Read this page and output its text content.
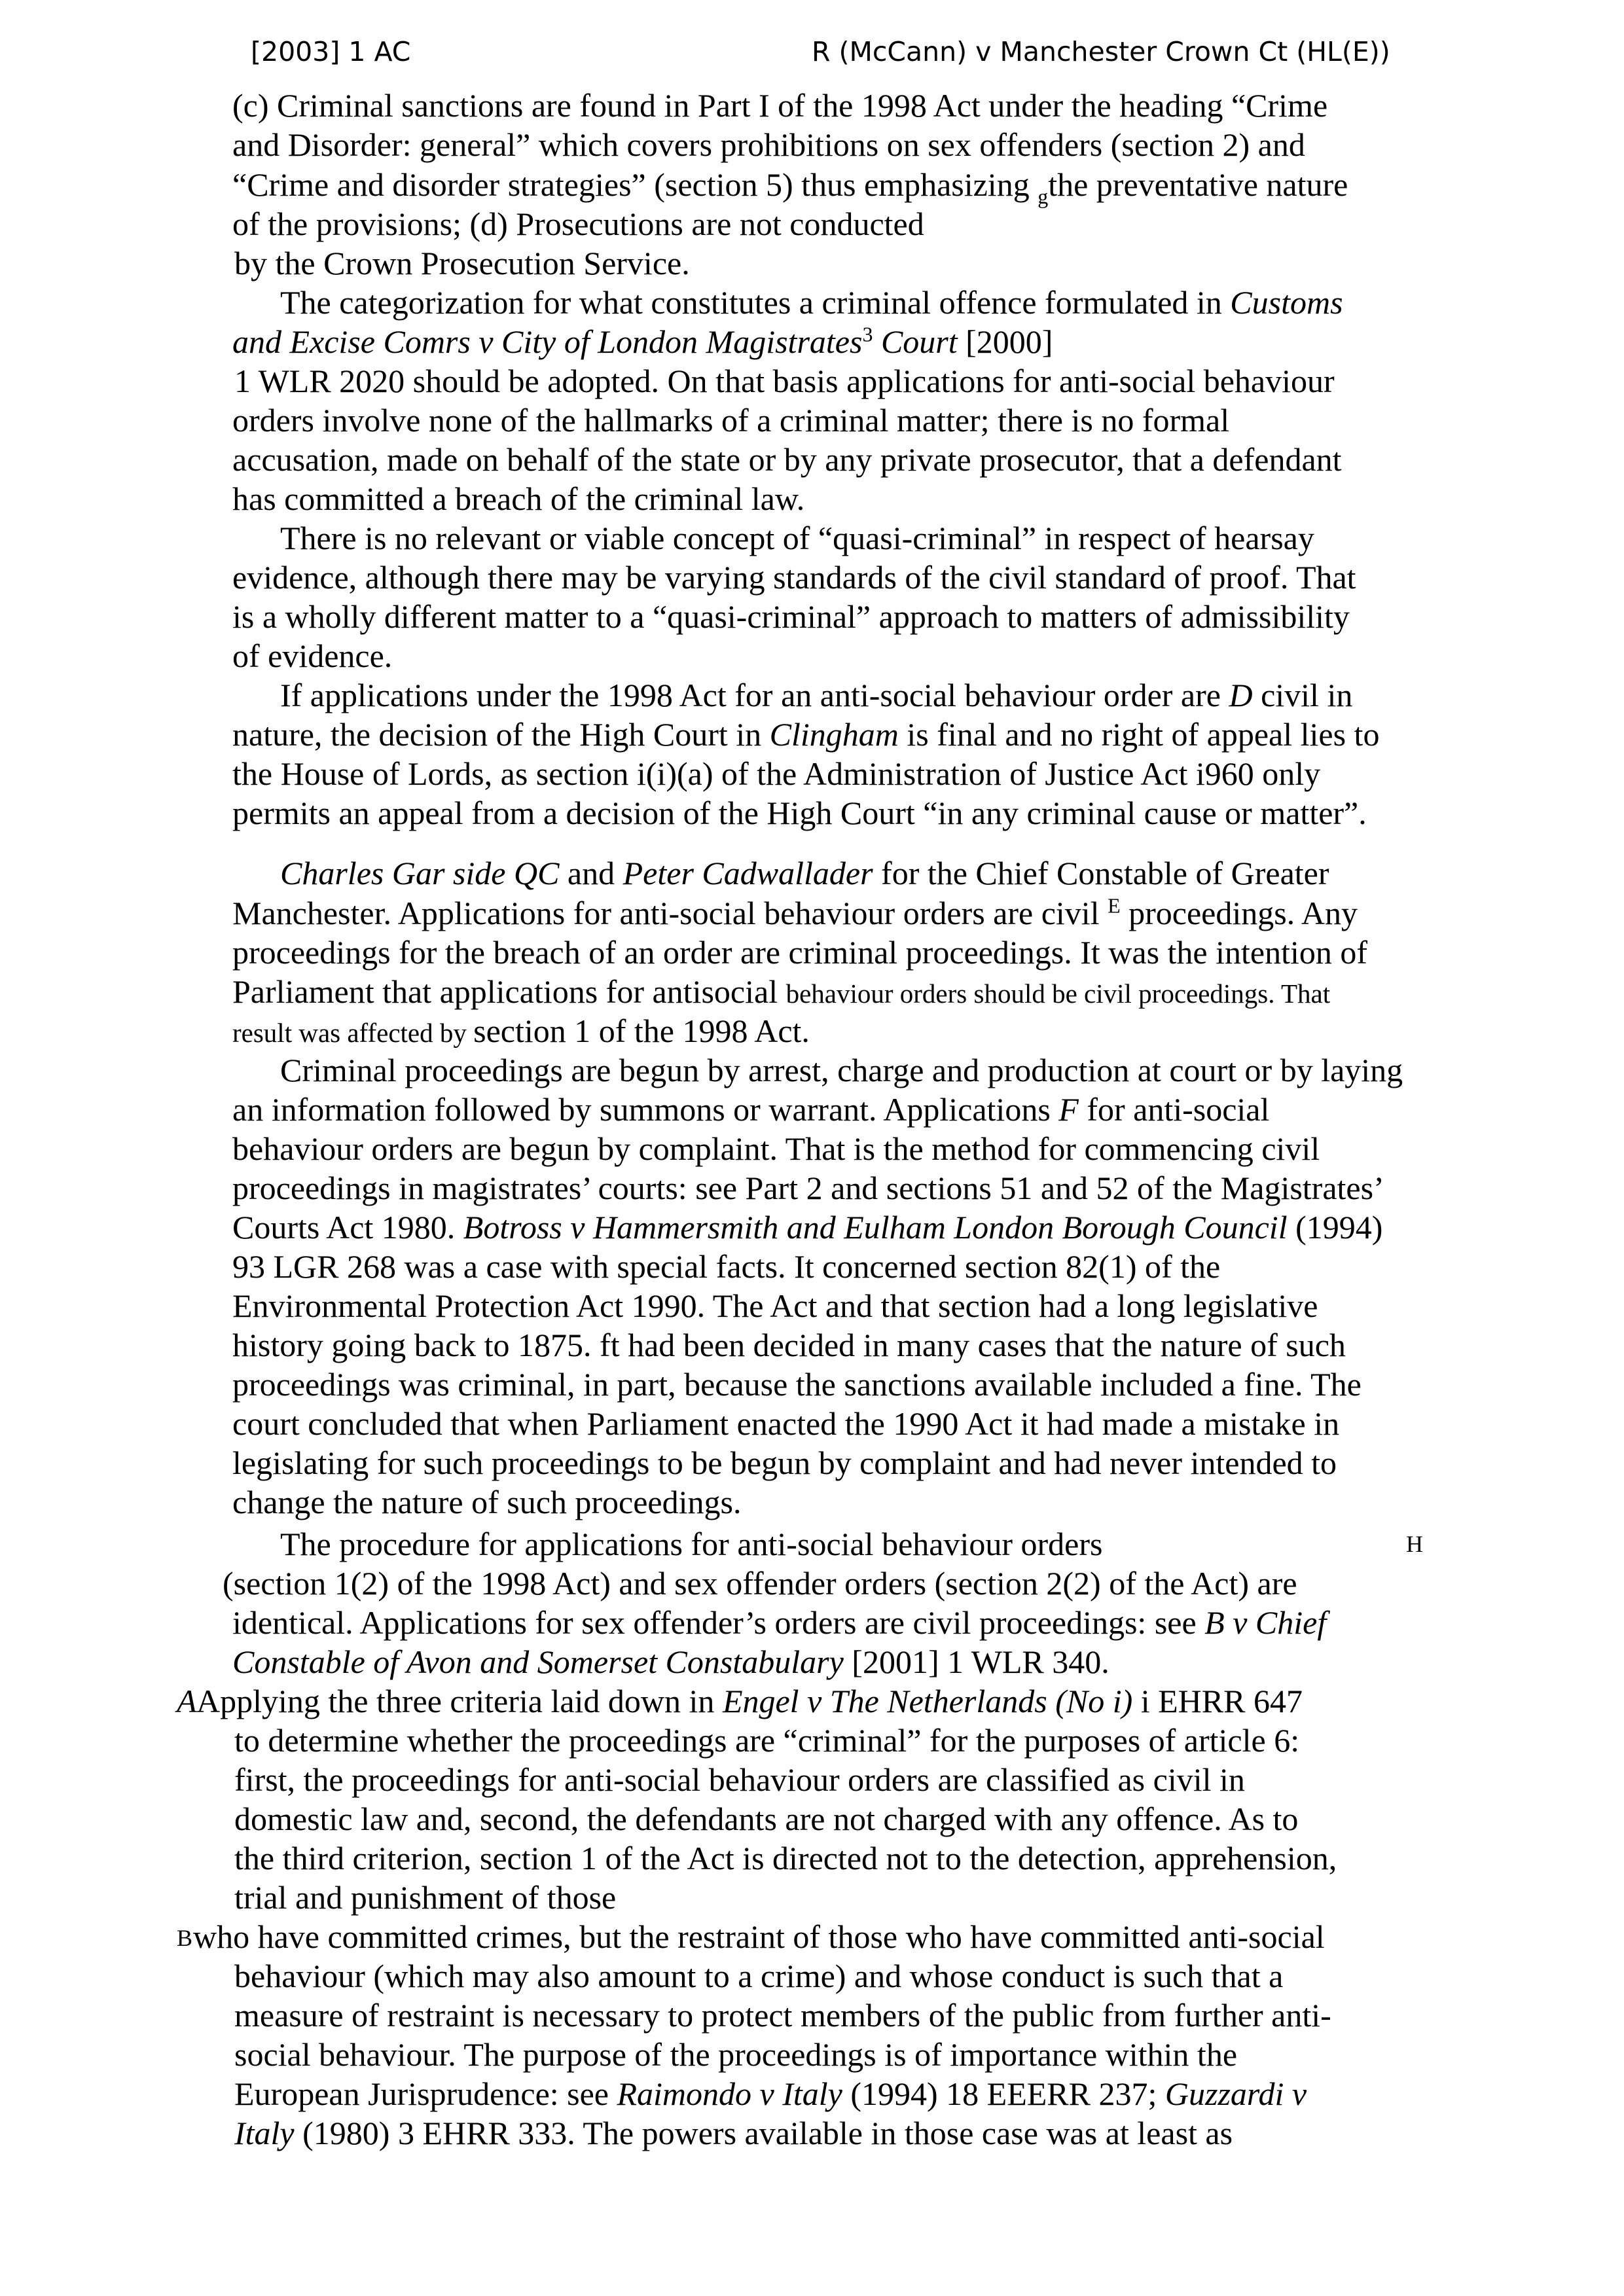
[2003] 1 AC	R (McCann) v Manchester Crown Ct (HL(E))
(c) Criminal sanctions are found in Part I of the 1998 Act under the heading “Crime
and Disorder: general” which covers prohibitions on sex offenders (section 2) and
“Crime and disorder strategies” (section 5) thus emphasizing $_g$the preventative nature
of the provisions; (d) Prosecutions are not conducted
by the Crown Prosecution Service.
The categorization for what constitutes a criminal offence formulated in Customs
and Excise Comrs v City of London Magistrates$^3$ Court [2000]
1 WLR 2020 should be adopted. On that basis applications for anti-social behaviour
orders involve none of the hallmarks of a criminal matter; there is no formal
accusation, made on behalf of the state or by any private prosecutor, that a defendant
has committed a breach of the criminal law.
There is no relevant or viable concept of “quasi-criminal” in respect of hearsay
evidence, although there may be varying standards of the civil standard of proof. That
is a wholly different matter to a “quasi-criminal” approach to matters of admissibility
of evidence.
If applications under the 1998 Act for an anti-social behaviour order are D civil in
nature, the decision of the High Court in Clingham is final and no right of appeal lies to
the House of Lords, as section i(i)(a) of the Administration of Justice Act i960 only
permits an appeal from a decision of the High Court “in any criminal cause or matter”.
Charles Gar side QC and Peter Cadwallader for the Chief Constable of Greater
Manchester. Applications for anti-social behaviour orders are civil $^E$ proceedings. Any
proceedings for the breach of an order are criminal proceedings. It was the intention of
Parliament that applications for antisocial behaviour orders should be civil proceedings. That
result was affected by section 1 of the 1998 Act.
Criminal proceedings are begun by arrest, charge and production at court or by laying
an information followed by summons or warrant. Applications F for anti-social
behaviour orders are begun by complaint. That is the method for commencing civil
proceedings in magistrates’ courts: see Part 2 and sections 51 and 52 of the Magistrates’
Courts Act 1980. Botross v Hammersmith and Eulham London Borough Council (1994)
93 LGR 268 was a case with special facts. It concerned section 82(1) of the
Environmental Protection Act 1990. The Act and that section had a long legislative
history going back to 1875. ft had been decided in many cases that the nature of such
proceedings was criminal, in part, because the sanctions available included a fine. The
court concluded that when Parliament enacted the 1990 Act it had made a mistake in
legislating for such proceedings to be begun by complaint and had never intended to
change the nature of such proceedings.
The procedure for applications for anti-social behaviour orders	H
(section 1(2) of the 1998 Act) and sex offender orders (section 2(2) of the Act) are
identical. Applications for sex offender’s orders are civil proceedings: see B v Chief
Constable of Avon and Somerset Constabulary [2001] 1 WLR 340.
A Applying the three criteria laid down in Engel v The Netherlands (No i) i EHRR 647
to determine whether the proceedings are “criminal” for the purposes of article 6:
first, the proceedings for anti-social behaviour orders are classified as civil in
domestic law and, second, the defendants are not charged with any offence. As to
the third criterion, section 1 of the Act is directed not to the detection, apprehension,
trial and punishment of those
B who have committed crimes, but the restraint of those who have committed anti-social
behaviour (which may also amount to a crime) and whose conduct is such that a
measure of restraint is necessary to protect members of the public from further anti-
social behaviour. The purpose of the proceedings is of importance within the
European Jurisprudence: see Raimondo v Italy (1994) 18 EEERR 237; Guzzardi v
Italy (1980) 3 EHRR 333. The powers available in those case was at least as
